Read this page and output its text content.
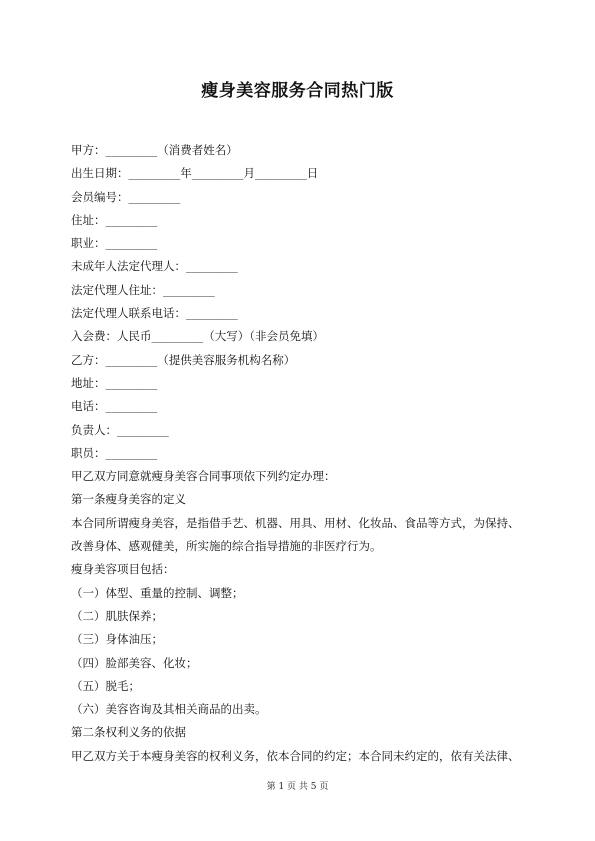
瘦身美容服务合同热门版
甲方：_________（消费者姓名）
出生日期：_________年_________月_________日
会员编号：_________
住址：_________
职业：_________
未成年人法定代理人：_________
法定代理人住址：_________
法定代理人联系电话：_________
入会费：人民币_________（大写）（非会员免填）
乙方：_________（提供美容服务机构名称）
地址：_________
电话：_________
负责人：_________
职员：_________
甲乙双方同意就瘦身美容合同事项依下列约定办理：
第一条瘦身美容的定义
本合同所谓瘦身美容，是指借手艺、机器、用具、用材、化妆品、食品等方式，为保持、
改善身体、感观健美，所实施的综合指导措施的非医疗行为。
瘦身美容项目包括：
（一）体型、重量的控制、调整；
（二）肌肤保养；
（三）身体油压；
（四）脸部美容、化妆；
（五）脱毛；
（六）美容咨询及其相关商品的出卖。
第二条权利义务的依据
甲乙双方关于本瘦身美容的权利义务，依本合同的约定；本合同未约定的，依有关法律、
第 1 页 共 5 页
